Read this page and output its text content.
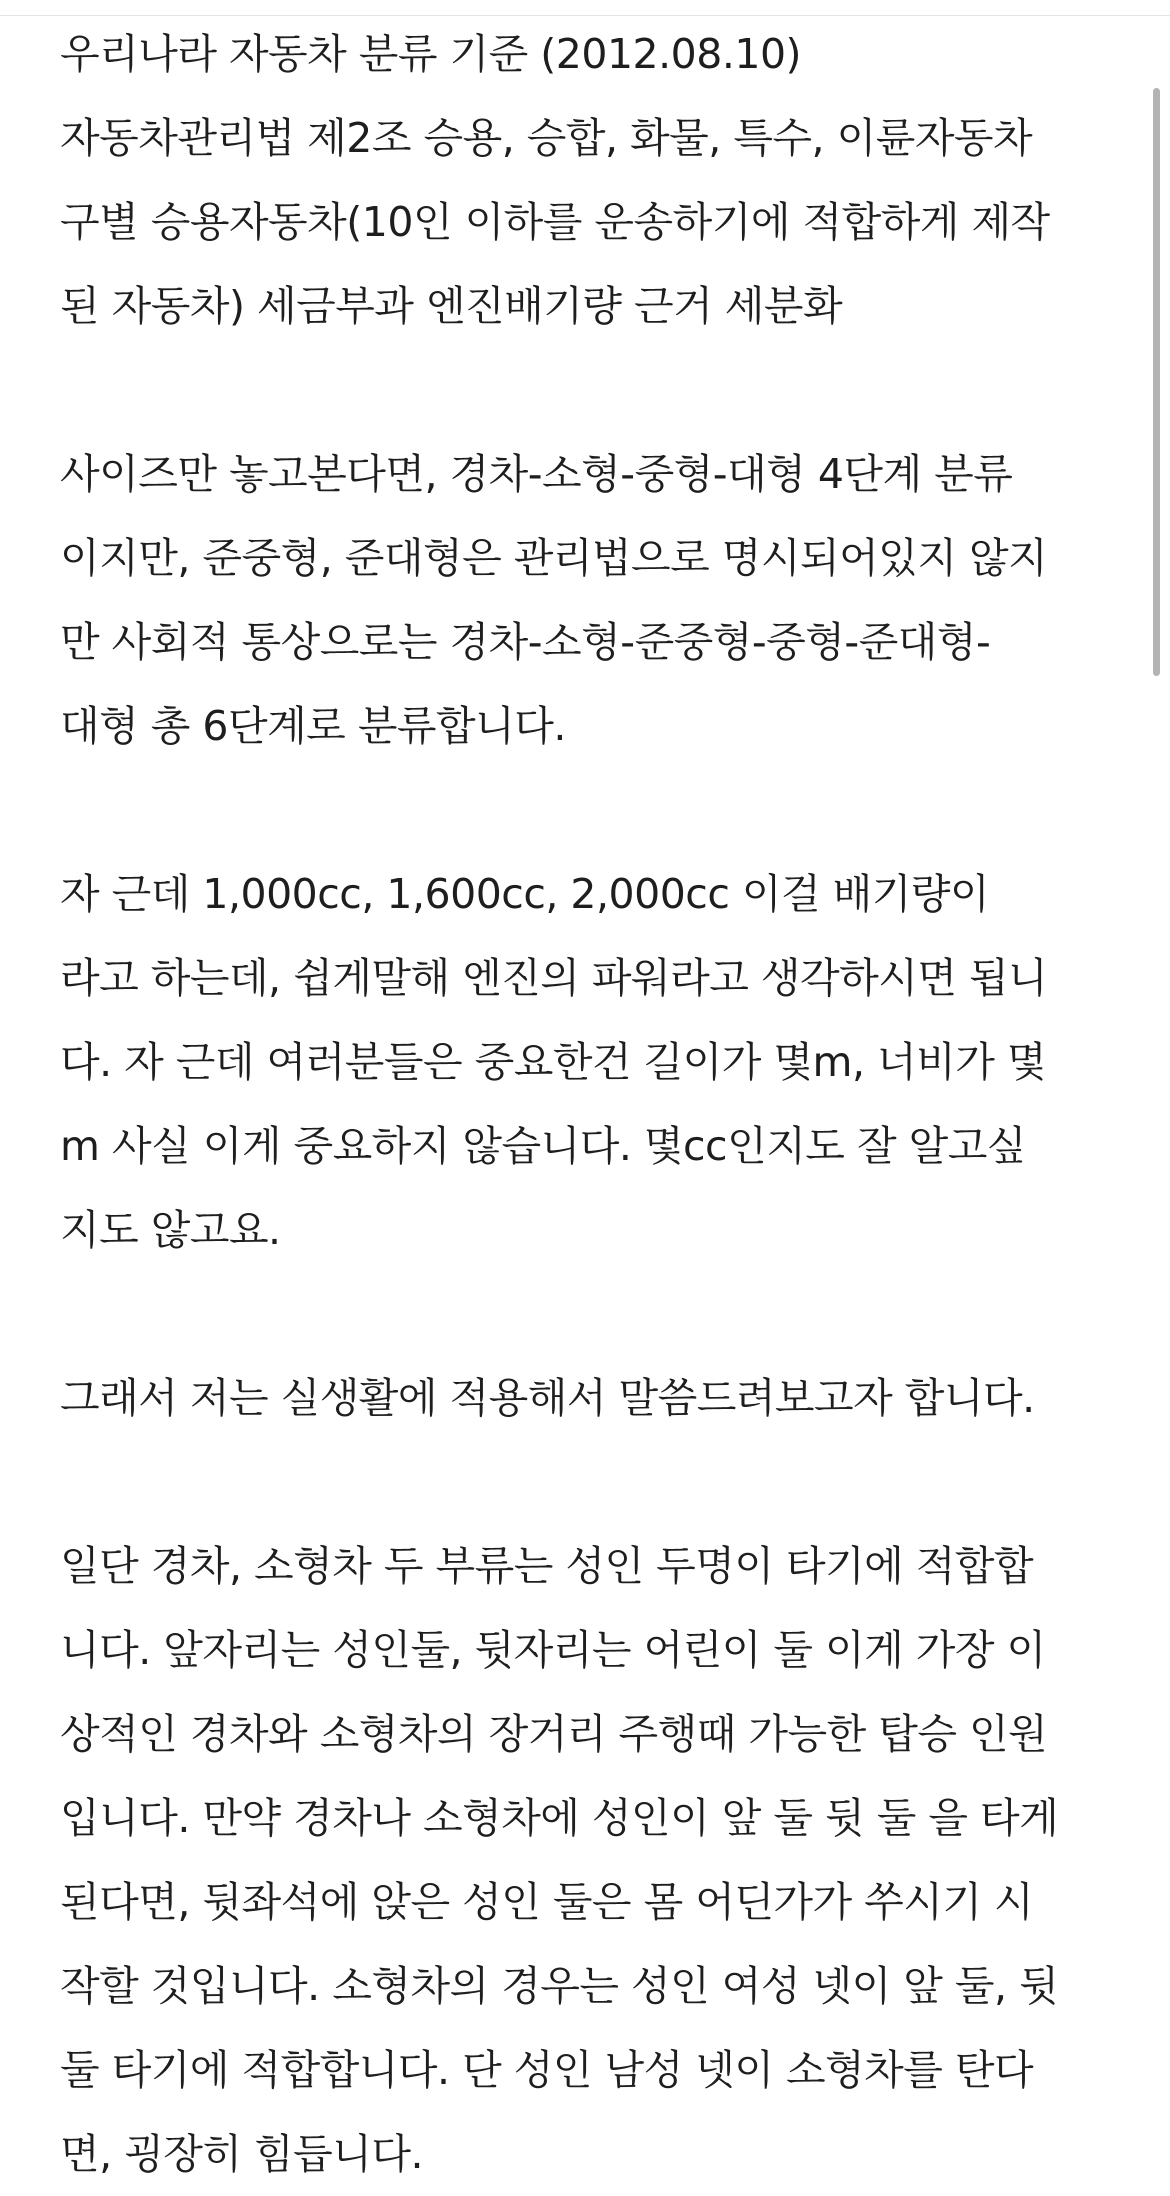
우리나라 자동차 분류 기준 (2012.08.10)
자동차관리법 제2조 승용, 승합, 화물, 특수, 이륜자동차
구별 승용자동차(10인 이하를 운송하기에 적합하게 제작
된 자동차) 세금부과 엔진배기량 근거 세분화

사이즈만 놓고본다면, 경차-소형-중형-대형 4단계 분류
이지만, 준중형, 준대형은 관리법으로 명시되어있지 않지
만 사회적 통상으로는 경차-소형-준중형-중형-준대형-
대형 총 6단계로 분류합니다.

자 근데 1,000cc, 1,600cc, 2,000cc 이걸 배기량이
라고 하는데, 쉽게말해 엔진의 파워라고 생각하시면 됩니
다. 자 근데 여러분들은 중요한건 길이가 몇m, 너비가 몇
m 사실 이게 중요하지 않습니다. 몇cc인지도 잘 알고싶
지도 않고요.

그래서 저는 실생활에 적용해서 말씀드려보고자 합니다.

일단 경차, 소형차 두 부류는 성인 두명이 타기에 적합합
니다. 앞자리는 성인둘, 뒷자리는 어린이 둘 이게 가장 이
상적인 경차와 소형차의 장거리 주행때 가능한 탑승 인원
입니다. 만약 경차나 소형차에 성인이 앞 둘 뒷 둘 을 타게
된다면, 뒷좌석에 앉은 성인 둘은 몸 어딘가가 쑤시기 시
작할 것입니다. 소형차의 경우는 성인 여성 넷이 앞 둘, 뒷
둘 타기에 적합합니다. 단 성인 남성 넷이 소형차를 탄다
면, 굉장히 힘듭니다.
